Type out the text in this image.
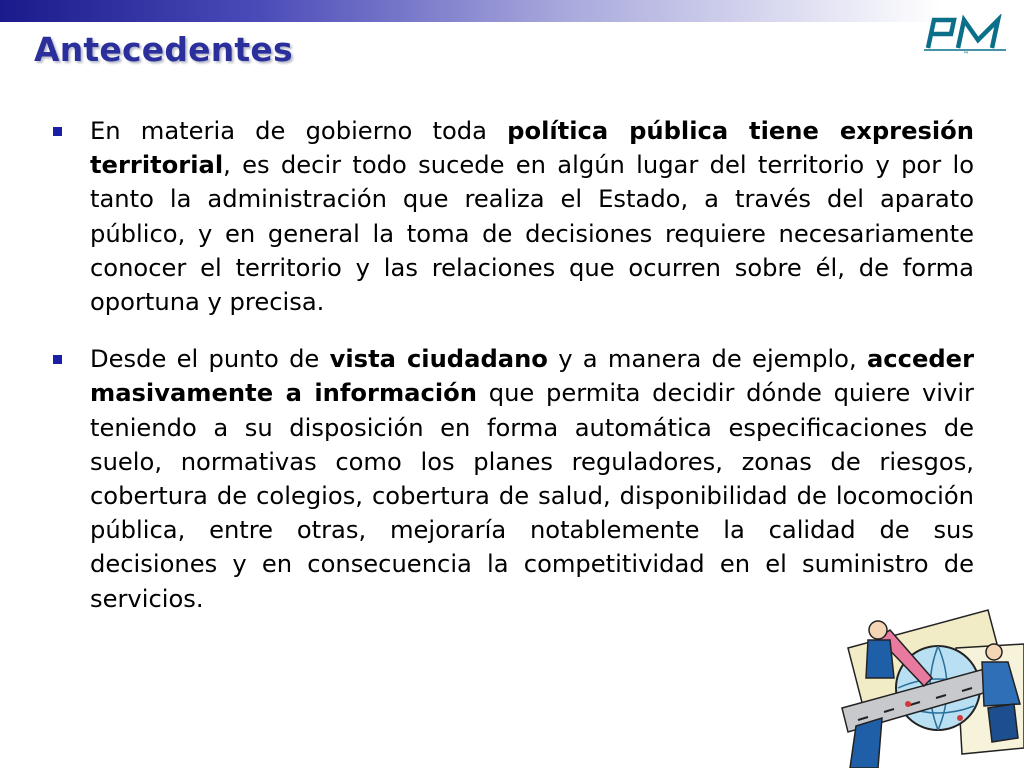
Antecedentes	PM

En materia de gobierno toda política pública tiene expresión territorial, es decir todo sucede en algún lugar del territorio y por lo tanto la administración que realiza el Estado, a través del aparato público, y en general la toma de decisiones requiere necesariamente conocer el territorio y las relaciones que ocurren sobre él, de forma oportuna y precisa.

Desde el punto de vista ciudadano y a manera de ejemplo, acceder masivamente a información que permita decidir dónde quiere vivir teniendo a su disposición en forma automática especificaciones de suelo, normativas como los planes reguladores, zonas de riesgos, cobertura de colegios, cobertura de salud, disponibilidad de locomoción pública, entre otras, mejoraría notablemente la calidad de sus decisiones y en consecuencia la competitividad en el suministro de servicios.
